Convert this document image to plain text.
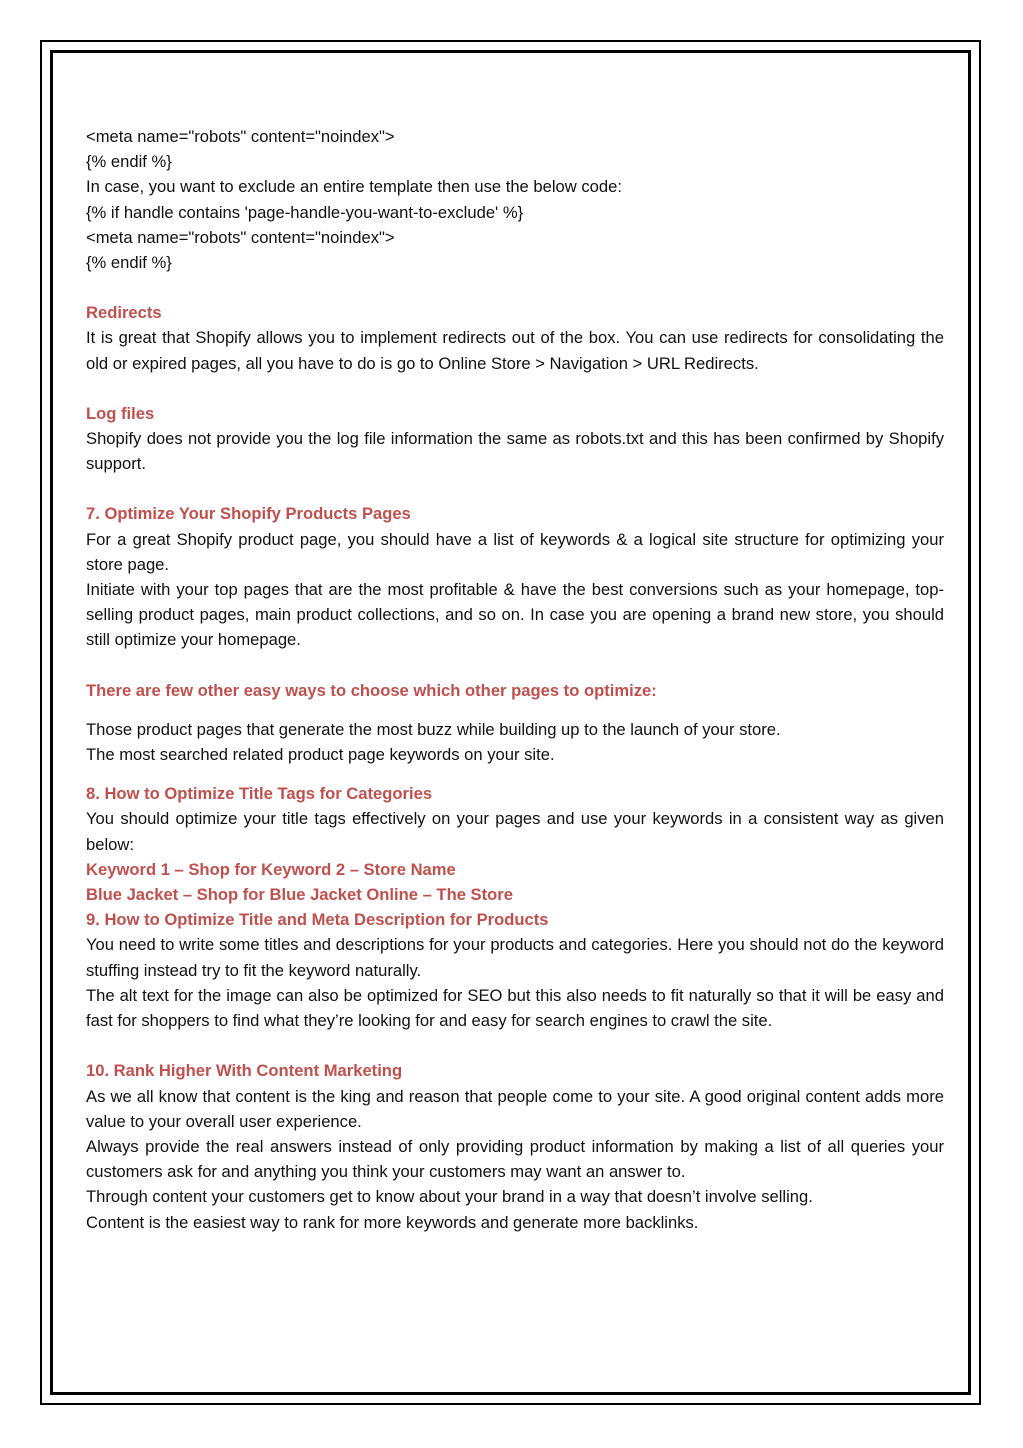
<meta name="robots" content="noindex">

{% endif %}

In case, you want to exclude an entire template then use the below code:

{% if handle contains 'page-handle-you-want-to-exclude' %}

<meta name="robots" content="noindex">

{% endif %}

Redirects

It is great that Shopify allows you to implement redirects out of the box. You can use redirects for consolidating the old or expired pages, all you have to do is go to Online Store > Navigation > URL Redirects.

Log files

Shopify does not provide you the log file information the same as robots.txt and this has been confirmed by Shopify support.

7. Optimize Your Shopify Products Pages

For a great Shopify product page, you should have a list of keywords & a logical site structure for optimizing your store page.

Initiate with your top pages that are the most profitable & have the best conversions such as your homepage, top-selling product pages, main product collections, and so on. In case you are opening a brand new store, you should still optimize your homepage.

There are few other easy ways to choose which other pages to optimize:

Those product pages that generate the most buzz while building up to the launch of your store.

The most searched related product page keywords on your site.

8. How to Optimize Title Tags for Categories

You should optimize your title tags effectively on your pages and use your keywords in a consistent way as given below:

Keyword 1 – Shop for Keyword 2 – Store Name

Blue Jacket – Shop for Blue Jacket Online – The Store

9. How to Optimize Title and Meta Description for Products

You need to write some titles and descriptions for your products and categories. Here you should not do the keyword stuffing instead try to fit the keyword naturally.

The alt text for the image can also be optimized for SEO but this also needs to fit naturally so that it will be easy and fast for shoppers to find what they’re looking for and easy for search engines to crawl the site.

10. Rank Higher With Content Marketing

As we all know that content is the king and reason that people come to your site. A good original content adds more value to your overall user experience.

Always provide the real answers instead of only providing product information by making a list of all queries your customers ask for and anything you think your customers may want an answer to.

Through content your customers get to know about your brand in a way that doesn’t involve selling.

Content is the easiest way to rank for more keywords and generate more backlinks.
